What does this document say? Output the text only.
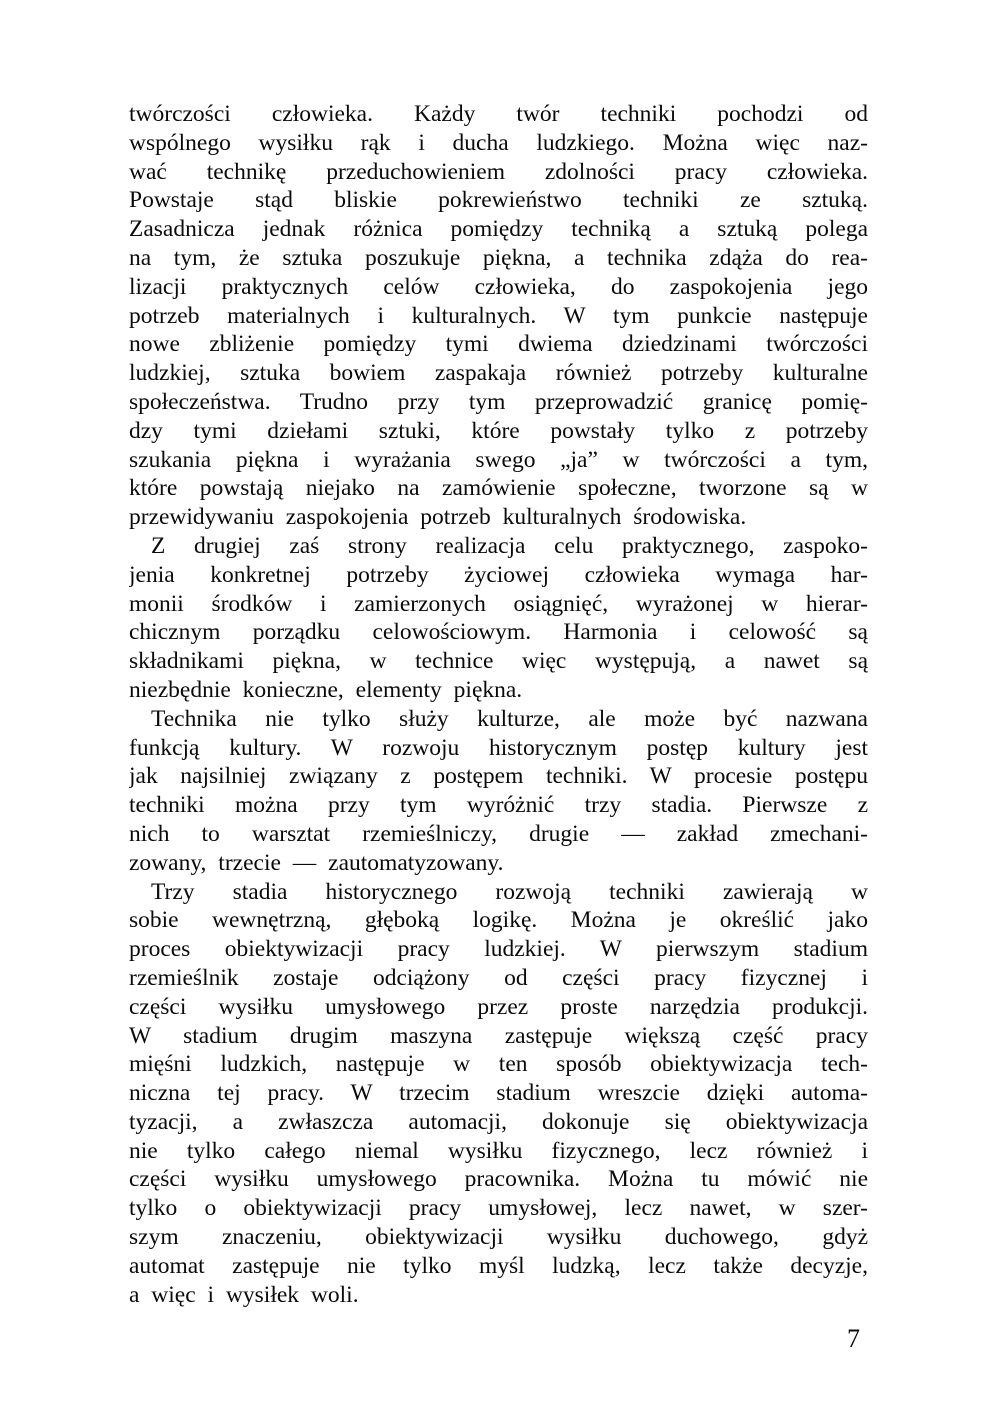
twórczości człowieka. Każdy twór techniki pochodzi od
wspólnego wysiłku rąk i ducha ludzkiego. Można więc naz-
wać technikę przeduchowieniem zdolności pracy człowieka.
Powstaje stąd bliskie pokrewieństwo techniki ze sztuką.
Zasadnicza jednak różnica pomiędzy techniką a sztuką polega
na tym, że sztuka poszukuje piękna, a technika zdąża do rea-
lizacji praktycznych celów człowieka, do zaspokojenia jego
potrzeb materialnych i kulturalnych. W tym punkcie następuje
nowe zbliżenie pomiędzy tymi dwiema dziedzinami twórczości
ludzkiej, sztuka bowiem zaspakaja również potrzeby kulturalne
społeczeństwa. Trudno przy tym przeprowadzić granicę pomię-
dzy tymi dziełami sztuki, które powstały tylko z potrzeby
szukania piękna i wyrażania swego „ja” w twórczości a tym,
które powstają niejako na zamówienie społeczne, tworzone są w
przewidywaniu zaspokojenia potrzeb kulturalnych środowiska.
Z drugiej zaś strony realizacja celu praktycznego, zaspoko-
jenia konkretnej potrzeby życiowej człowieka wymaga har-
monii środków i zamierzonych osiągnięć, wyrażonej w hierar-
chicznym porządku celowościowym. Harmonia i celowość są
składnikami piękna, w technice więc występują, a nawet są
niezbędnie konieczne, elementy piękna.
Technika nie tylko służy kulturze, ale może być nazwana
funkcją kultury. W rozwoju historycznym postęp kultury jest
jak najsilniej związany z postępem techniki. W procesie postępu
techniki można przy tym wyróżnić trzy stadia. Pierwsze z
nich to warsztat rzemieślniczy, drugie — zakład zmechani-
zowany, trzecie — zautomatyzowany.
Trzy stadia historycznego rozwoją techniki zawierają w
sobie wewnętrzną, głęboką logikę. Można je określić jako
proces obiektywizacji pracy ludzkiej. W pierwszym stadium
rzemieślnik zostaje odciążony od części pracy fizycznej i
części wysiłku umysłowego przez proste narzędzia produkcji.
W stadium drugim maszyna zastępuje większą część pracy
mięśni ludzkich, następuje w ten sposób obiektywizacja tech-
niczna tej pracy. W trzecim stadium wreszcie dzięki automa-
tyzacji, a zwłaszcza automacji, dokonuje się obiektywizacja
nie tylko całego niemal wysiłku fizycznego, lecz również i
części wysiłku umysłowego pracownika. Można tu mówić nie
tylko o obiektywizacji pracy umysłowej, lecz nawet, w szer-
szym znaczeniu, obiektywizacji wysiłku duchowego, gdyż
automat zastępuje nie tylko myśl ludzką, lecz także decyzje,
a więc i wysiłek woli.
7
